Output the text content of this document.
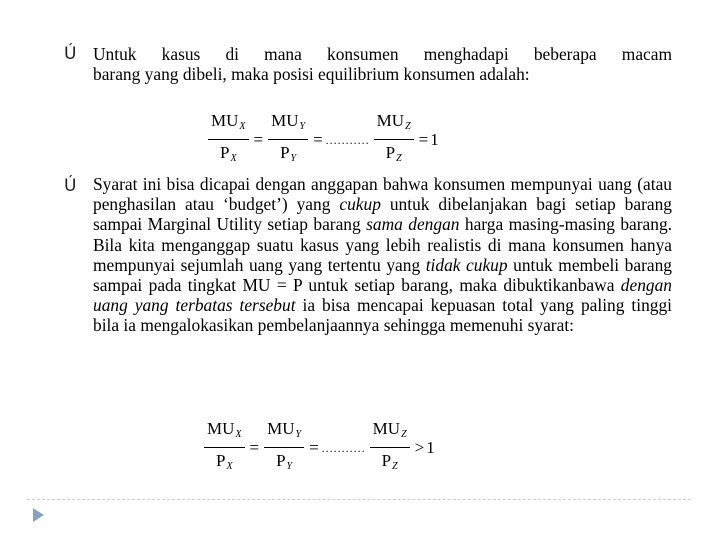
Ú Untuk kasus di mana konsumen menghadapi beberapa macam
barang yang dibeli, maka posisi equilibrium konsumen adalah:
$\frac{MU_X}{P_X} = \frac{MU_Y}{P_Y}$ = ........... $\frac{MU_Z}{P_Z} = 1$
Ú Syarat ini bisa dicapai dengan anggapan bahwa konsumen mempunyai uang (atau penghasilan atau ‘budget’) yang cukup untuk dibelanjakan bagi setiap barang sampai Marginal Utility setiap barang sama dengan harga masing-masing barang. Bila kita menganggap suatu kasus yang lebih realistis di mana konsumen hanya mempunyai sejumlah uang yang tertentu yang tidak cukup untuk membeli barang sampai pada tingkat MU = P untuk setiap barang, maka dibuktikanbawa dengan uang yang terbatas tersebut ia bisa mencapai kepuasan total yang paling tinggi bila ia mengalokasikan pembelanjaannya sehingga memenuhi syarat:
$\frac{MU_X}{P_X} = \frac{MU_Y}{P_Y}$ = ........... $\frac{MU_Z}{P_Z} > 1$
